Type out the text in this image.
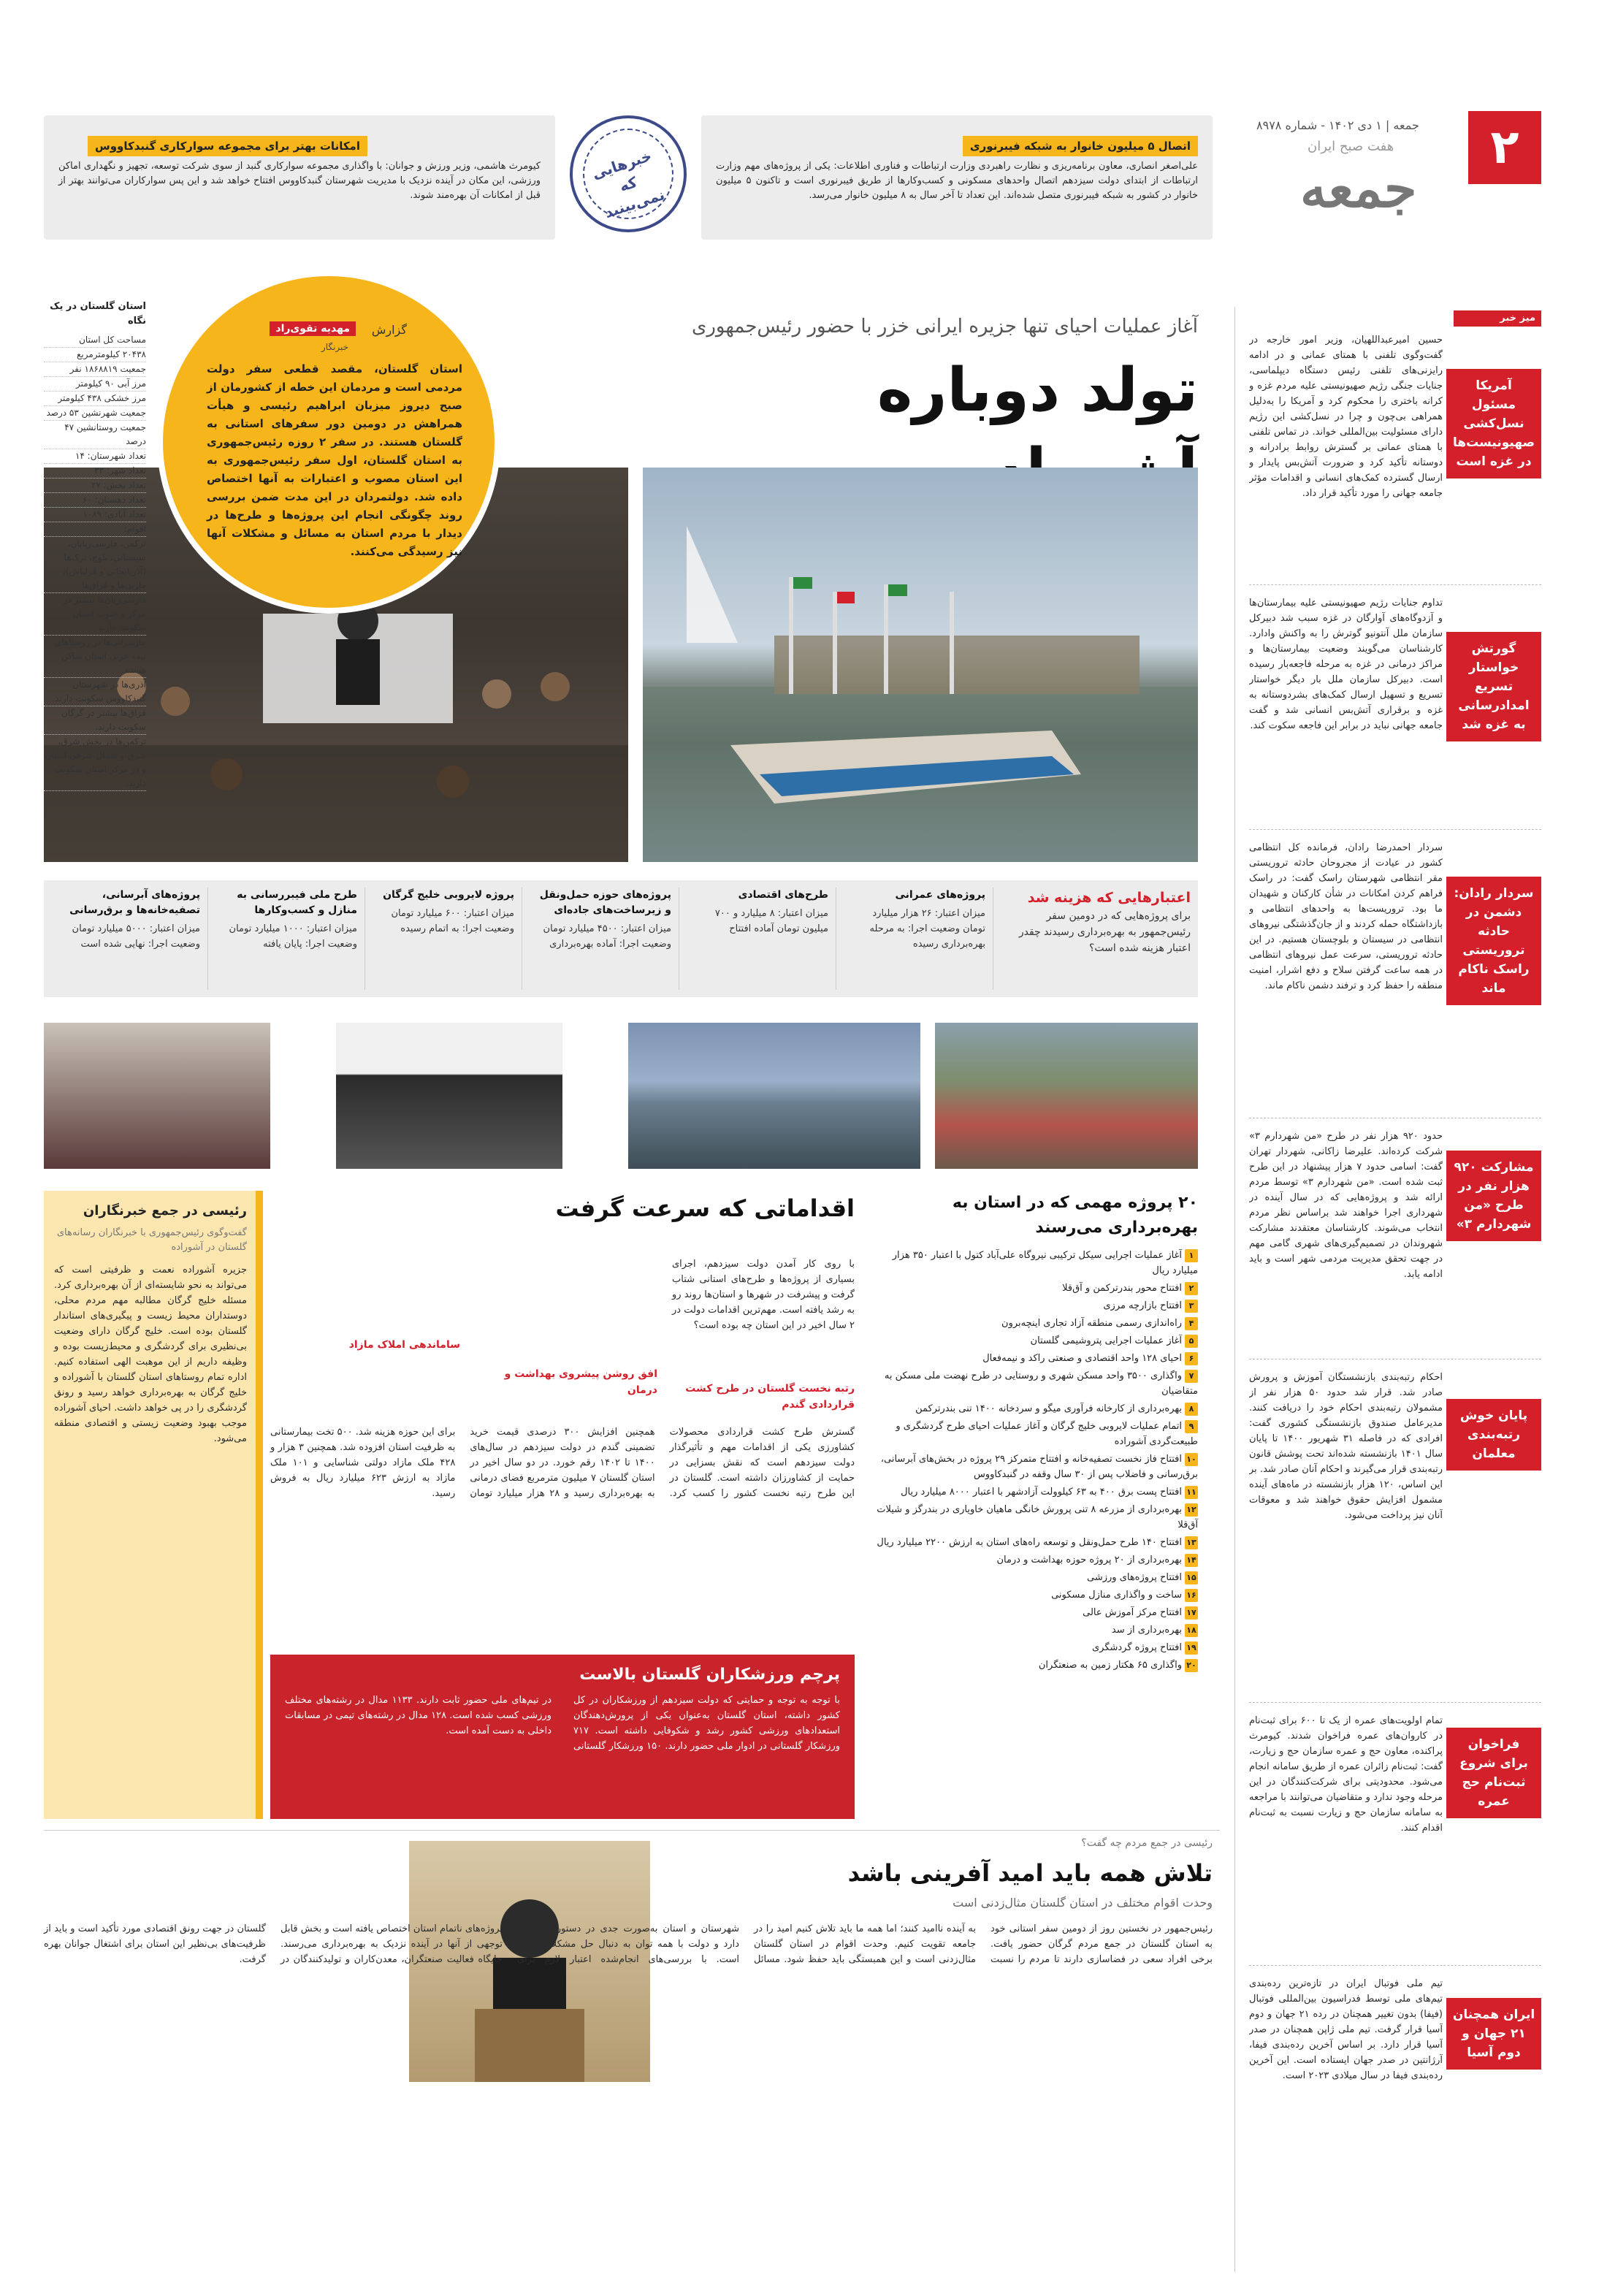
۲
جمعه | ۱ دی ۱۴۰۲ - شماره ۸۹۷۸
هفت صبح ایران
جمعه
اتصال ۵ میلیون خانوار به شبکه فیبرنوری
علی‌اصغر انصاری، معاون برنامه‌ریزی و نظارت راهبردی وزارت ارتباطات و فناوری اطلاعات: یکی از پروژه‌های مهم وزارت ارتباطات از ابتدای دولت سیزدهم اتصال واحدهای مسکونی و کسب‌وکارها از طریق فیبرنوری است و تاکنون ۵ میلیون خانوار در کشور به شبکه فیبرنوری متصل شده‌اند. این تعداد تا آخر سال به ۸ میلیون خانوار می‌رسد.
خبرهایی که نمی‌بینید
امکانات بهتر برای مجموعه سوارکاری گنبدکاووس
کیومرث هاشمی، وزیر ورزش و جوانان: با واگذاری مجموعه سوارکاری گنبد از سوی شرکت توسعه، تجهیز و نگهداری اماکن ورزشی، این مکان در آینده نزدیک با مدیریت شهرستان گنبدکاووس افتتاح خواهد شد و این پس سوارکاران می‌توانند بهتر از قبل از امکانات آن بهره‌مند شوند.
میز خبر
آمریکا مسئول نسل‌کشی صهیونیست‌ها در غزه است
حسین امیرعبداللهیان، وزیر امور خارجه در گفت‌وگوی تلفنی با همتای عمانی و در ادامه رایزنی‌های تلفنی رئیس دستگاه دیپلماسی، جنایات جنگی رژیم صهیونیستی علیه مردم غزه و کرانه باختری را محکوم کرد و آمریکا را به‌دلیل همراهی بی‌چون و چرا در نسل‌کشی این رژیم دارای مسئولیت بین‌المللی خواند. در تماس تلفنی با همتای عمانی بر گسترش روابط برادرانه و دوستانه تأکید کرد و ضرورت آتش‌بس پایدار و ارسال گسترده کمک‌های انسانی و اقدامات مؤثر جامعه جهانی را مورد تأکید قرار داد.
گورتش خواستار تسریع امدادرسانی به غزه شد
تداوم جنایات رژیم صهیونیستی علیه بیمارستان‌ها و آزدوگاه‌های آوارگان در غزه سبب شد دبیرکل سازمان ملل آنتونیو گوترش را به واکنش وادارد. کارشناسان می‌گویند وضعیت بیمارستان‌ها و مراکز درمانی در غزه به مرحله فاجعه‌بار رسیده است. دبیرکل سازمان ملل بار دیگر خواستار تسریع و تسهیل ارسال کمک‌های بشردوستانه به غزه و برقراری آتش‌بس انسانی شد و گفت جامعه جهانی نباید در برابر این فاجعه سکوت کند.
سردار رادان: دشمن در حادثه تروریستی راسک ناکام ماند
سردار احمدرضا رادان، فرمانده کل انتظامی کشور در عیادت از مجروحان حادثه تروریستی مقر انتظامی شهرستان راسک گفت: در راسک فراهم کردن امکانات در شأن کارکنان و شهیدان ما بود. تروریست‌ها به واحدهای انتظامی و بازداشتگاه حمله کردند و از جان‌گذشتگی نیروهای انتظامی در سیستان و بلوچستان هستیم. در این حادثه تروریستی، سرعت عمل نیروهای انتظامی در همه ساعت گرفتن سلاح و دفع اشرار، امنیت منطقه را حفظ کرد و ترفند دشمن ناکام ماند.
مشارکت ۹۲۰ هزار نفر در طرح «من شهردارم ۳»
حدود ۹۲۰ هزار نفر در طرح «من شهردارم ۳» شرکت کرده‌اند. علیرضا زاکانی، شهردار تهران گفت: اسامی حدود ۷ هزار پیشنهاد در این طرح ثبت شده است. «من شهردارم ۳» توسط مردم ارائه شد و پروژه‌هایی که در سال آینده در شهرداری اجرا خواهند شد براساس نظر مردم انتخاب می‌شوند. کارشناسان معتقدند مشارکت شهروندان در تصمیم‌گیری‌های شهری گامی مهم در جهت تحقق مدیریت مردمی شهر است و باید ادامه یابد.
پایان خوش رتبه‌بندی معلمان
احکام رتبه‌بندی بازنشستگان آموزش و پرورش صادر شد. قرار شد حدود ۵۰ هزار نفر از مشمولان رتبه‌بندی احکام خود را دریافت کنند. مدیرعامل صندوق بازنشستگی کشوری گفت: افرادی که در فاصله ۳۱ شهریور ۱۴۰۰ تا پایان سال ۱۴۰۱ بازنشسته شده‌اند تحت پوشش قانون رتبه‌بندی قرار می‌گیرند و احکام آنان صادر شد. بر این اساس، ۱۲۰ هزار بازنشسته در ماه‌های آینده مشمول افزایش حقوق خواهند شد و معوقات آنان نیز پرداخت می‌شود.
فراخوان برای شروع ثبت‌نام حج عمره
تمام اولویت‌های عمره از یک تا ۶۰۰ برای ثبت‌نام در کاروان‌های عمره فراخوان شدند. کیومرث پراکنده، معاون حج و عمره سازمان حج و زیارت، گفت: ثبت‌نام زائران عمره از طریق سامانه انجام می‌شود. محدودیتی برای شرکت‌کنندگان در این مرحله وجود ندارد و متقاضیان می‌توانند با مراجعه به سامانه سازمان حج و زیارت نسبت به ثبت‌نام اقدام کنند.
ایران همچنان ۲۱ جهان و دوم آسیا
تیم ملی فوتبال ایران در تازه‌ترین رده‌بندی تیم‌های ملی توسط فدراسیون بین‌المللی فوتبال (فیفا) بدون تغییر همچنان در رده ۲۱ جهان و دوم آسیا قرار گرفت. تیم ملی ژاپن همچنان در صدر آسیا قرار دارد. بر اساس آخرین رده‌بندی فیفا، آرژانتین در صدر جهان ایستاده است. این آخرین رده‌بندی فیفا در سال میلادی ۲۰۲۳ است.
آغاز عملیات احیای تنها جزیره ایرانی خزر با حضور رئیس‌جمهوری
تولد دوباره
گزارش
مهدیه تقوی‌راد
خبرنگار
استان گلستان، مقصد قطعی سفر دولت مردمی است و مردمان این خطه از کشورمان از صبح دیروز میزبان ابراهیم رئیسی و هیأت همراهش در دومین دور سفرهای استانی به گلستان هستند. در سفر ۲ روزه رئیس‌جمهوری به استان گلستان، اول سفر رئیس‌جمهوری به این استان مصوب و اعتبارات به آنها اختصاص داده شد. دولتمردان در این مدت ضمن بررسی روند چگونگی انجام این پروژه‌ها و طرح‌ها در دیدار با مردم استان به مسائل و مشکلات آنها نیز رسیدگی می‌کنند.
استان گلستان در یک نگاه
مساحت کل استان
۲۰۴۳۸ کیلومترمربع
جمعیت ۱۸۶۸۸۱۹ نفر
مرز آبی ۹۰ کیلومتر
مرز خشکی ۴۳۸ کیلومتر
جمعیت شهرنشین ۵۳ درصد
جمعیت روستانشین ۴۷ درصد
تعداد شهرستان: ۱۴
تعداد شهر: ۳۳
تعداد بخش: ۲۷
تعداد دهستان: ۶۰
تعداد آبادی: ۱۰۸۹
اقوام:
ترکمن، فارسی‌زبانان، سیستانی، بلوچ، ترک‌ها (آذربایجانی و قزلباش)، مازنی‌ها و قزاق‌ها
فارسی‌زبان‌ها بیشتر در مرکز و جنوب استان سکونت دارند.
مازندرانی‌ها در روستاهای نیمه غربی استان ساکن هستند.
آذری‌ها در شهرستان گنبدکاووس سکونت دارند.
قزاق‌ها بیشتر در گرگان سکونت دارند.
ترکمن‌ها در بخش شرق، شرق و شمال شرقی استان و در مرکز استان سکونت دارند.
اعتبارهایی که هزینه شد
برای پروژه‌هایی که در دومین سفر رئیس‌جمهور به بهره‌برداری رسیدند چقدر اعتبار هزینه شده است؟
پروژه‌های عمرانی
میزان اعتبار: ۲۶ هزار میلیارد تومان وضعیت اجرا: به مرحله بهره‌برداری رسیده
طرح‌های اقتصادی
میزان اعتبار: ۸ میلیارد و ۷۰۰ میلیون تومان آماده افتتاح
پروژه‌های حوزه حمل‌ونقل و زیرساخت‌های جاده‌ای
میزان اعتبار: ۴۵۰۰ میلیارد تومان وضعیت اجرا: آماده بهره‌برداری
پروژه لایروبی خلیج گرگان
میزان اعتبار: ۶۰۰ میلیارد تومان وضعیت اجرا: به اتمام رسیده
طرح ملی فیبررسانی به منازل و کسب‌وکارها
میزان اعتبار: ۱۰۰۰ میلیارد تومان وضعیت اجرا: پایان یافته
پروژه‌های آبرسانی، تصفیه‌خانه‌ها و برق‌رسانی
میزان اعتبار: ۵۰۰۰ میلیارد تومان وضعیت اجرا: نهایی شده است
۲۰ پروژه مهمی که در استان به بهره‌برداری می‌رسند
۱آغاز عملیات اجرایی سیکل ترکیبی نیروگاه علی‌آباد کتول با اعتبار ۳۵۰ هزار میلیارد ریال
۲افتتاح محور بندرترکمن و آق‌قلا
۳افتتاح بازارچه مرزی
۴راه‌اندازی رسمی منطقه آزاد تجاری اینچه‌برون
۵آغاز عملیات اجرایی پتروشیمی گلستان
۶احیای ۱۲۸ واحد اقتصادی و صنعتی راکد و نیمه‌فعال
۷واگذاری ۳۵۰۰ واحد مسکن شهری و روستایی در طرح نهضت ملی مسکن به متقاضیان
۸بهره‌برداری از کارخانه فرآوری میگو و سردخانه ۱۴۰۰ تنی بندرترکمن
۹اتمام عملیات لایروبی خلیج گرگان و آغاز عملیات احیای طرح گردشگری و طبیعت‌گردی آشوراده
۱۰افتتاح فاز نخست تصفیه‌خانه و افتتاح متمرکز ۲۹ پروژه در بخش‌های آبرسانی، برق‌رسانی و فاضلاب پس از ۳۰ سال وقفه در گنبدکاووس
۱۱افتتاح پست برق ۴۰۰ به ۶۳ کیلوولت آزادشهر با اعتبار ۸۰۰۰ میلیارد ریال
۱۲بهره‌برداری از مزرعه ۸ تنی پرورش خانگی ماهیان خاویاری در بندرگز و شیلات آق‌قلا
۱۳افتتاح ۱۴۰ طرح حمل‌ونقل و توسعه راه‌های استان به ارزش ۲۲۰۰ میلیارد ریال
۱۴بهره‌برداری از ۲۰ پروژه حوزه بهداشت و درمان
۱۵افتتاح پروژه‌های ورزشی
۱۶ساخت و واگذاری منازل مسکونی
۱۷افتتاح مرکز آموزش عالی
۱۸بهره‌برداری از سد
۱۹افتتاح پروژه گردشگری
۲۰واگذاری ۶۵ هکتار زمین به صنعتگران
اقداماتی که سرعت گرفت
با روی کار آمدن دولت سیزدهم، اجرای بسیاری از پروژه‌ها و طرح‌های استانی شتاب گرفت و پیشرفت در شهرها و استان‌ها روند رو به رشد یافته است. مهم‌ترین اقدامات دولت در ۲ سال اخیر در این استان چه بوده است؟
رتبه نخست گلستان در طرح کشت قراردادی گندم
افق روشن پیشروی بهداشت و درمان
ساماندهی املاک مازاد
گسترش طرح کشت قراردادی محصولات کشاورزی یکی از اقدامات مهم و تأثیرگذار دولت سیزدهم است که نقش بسزایی در حمایت از کشاورزان داشته است. گلستان در این طرح رتبه نخست کشور را کسب کرد. همچنین افزایش ۳۰۰ درصدی قیمت خرید تضمینی گندم در دولت سیزدهم در سال‌های ۱۴۰۰ تا ۱۴۰۲ رقم خورد. در دو سال اخیر در استان گلستان ۷ میلیون مترمربع فضای درمانی به بهره‌برداری رسید و ۲۸ هزار میلیارد تومان برای این حوزه هزینه شد. ۵۰۰ تخت بیمارستانی به ظرفیت استان افزوده شد. همچنین ۳ هزار و ۴۲۸ ملک مازاد دولتی شناسایی و ۱۰۱ ملک مازاد به ارزش ۶۲۳ میلیارد ریال به فروش رسید.
رئیسی در جمع خبرنگاران
گفت‌وگوی رئیس‌جمهوری با خبرنگاران رسانه‌های گلستان در آشوراده
جزیره آشوراده نعمت و ظرفیتی است که می‌تواند به نحو شایسته‌ای از آن بهره‌برداری کرد. مسئله خلیج گرگان مطالبه مهم مردم محلی، دوستداران محیط زیست و پیگیری‌های استاندار گلستان بوده است. خلیج گرگان دارای وضعیت بی‌نظیری برای گردشگری و محیط‌زیست بوده و وظیفه داریم از این موهبت الهی استفاده کنیم. اداره تمام روستاهای استان گلستان با آشوراده و خلیج گرگان به بهره‌برداری خواهد رسید و رونق گردشگری را در پی خواهد داشت. احیای آشوراده موجب بهبود وضعیت زیستی و اقتصادی منطقه می‌شود.
پرچم ورزشکاران گلستان بالاست
با توجه به توجه و حمایتی که دولت سیزدهم از ورزشکاران در کل کشور داشته، استان گلستان به‌عنوان یکی از پرورش‌دهندگان استعدادهای ورزشی کشور رشد و شکوفایی داشته است. ۷۱۷ ورزشکار گلستانی در ادوار ملی حضور دارند. ۱۵۰ ورزشکار گلستانی در تیم‌های ملی حضور ثابت دارند. ۱۱۳۳ مدال در رشته‌های مختلف ورزشی کسب شده است. ۱۲۸ مدال در رشته‌های تیمی در مسابقات داخلی به دست آمده است.
رئیسی در جمع مردم چه گفت؟
تلاش همه باید امید آفرینی باشد
وحدت اقوام مختلف در استان گلستان مثال‌زدنی است
رئیس‌جمهور در نخستین روز از دومین سفر استانی خود به استان گلستان در جمع مردم گرگان حضور یافت. برخی افراد سعی در فضاسازی دارند تا مردم را نسبت به آینده ناامید کنند؛ اما همه ما باید تلاش کنیم امید را در جامعه تقویت کنیم. وحدت اقوام در استان گلستان مثال‌زدنی است و این همبستگی باید حفظ شود. مسائل شهرستان و استان به‌صورت جدی در دستور کار قرار دارد و دولت با همه توان به دنبال حل مشکلات مردم است. با بررسی‌های انجام‌شده اعتبار لازم برای پروژه‌های ناتمام استان اختصاص یافته است و بخش قابل توجهی از آنها در آینده نزدیک به بهره‌برداری می‌رسند. جایگاه فعالیت صنعتگران، معدن‌کاران و تولیدکنندگان در گلستان در جهت رونق اقتصادی مورد تأکید است و باید از ظرفیت‌های بی‌نظیر این استان برای اشتغال جوانان بهره گرفت.
